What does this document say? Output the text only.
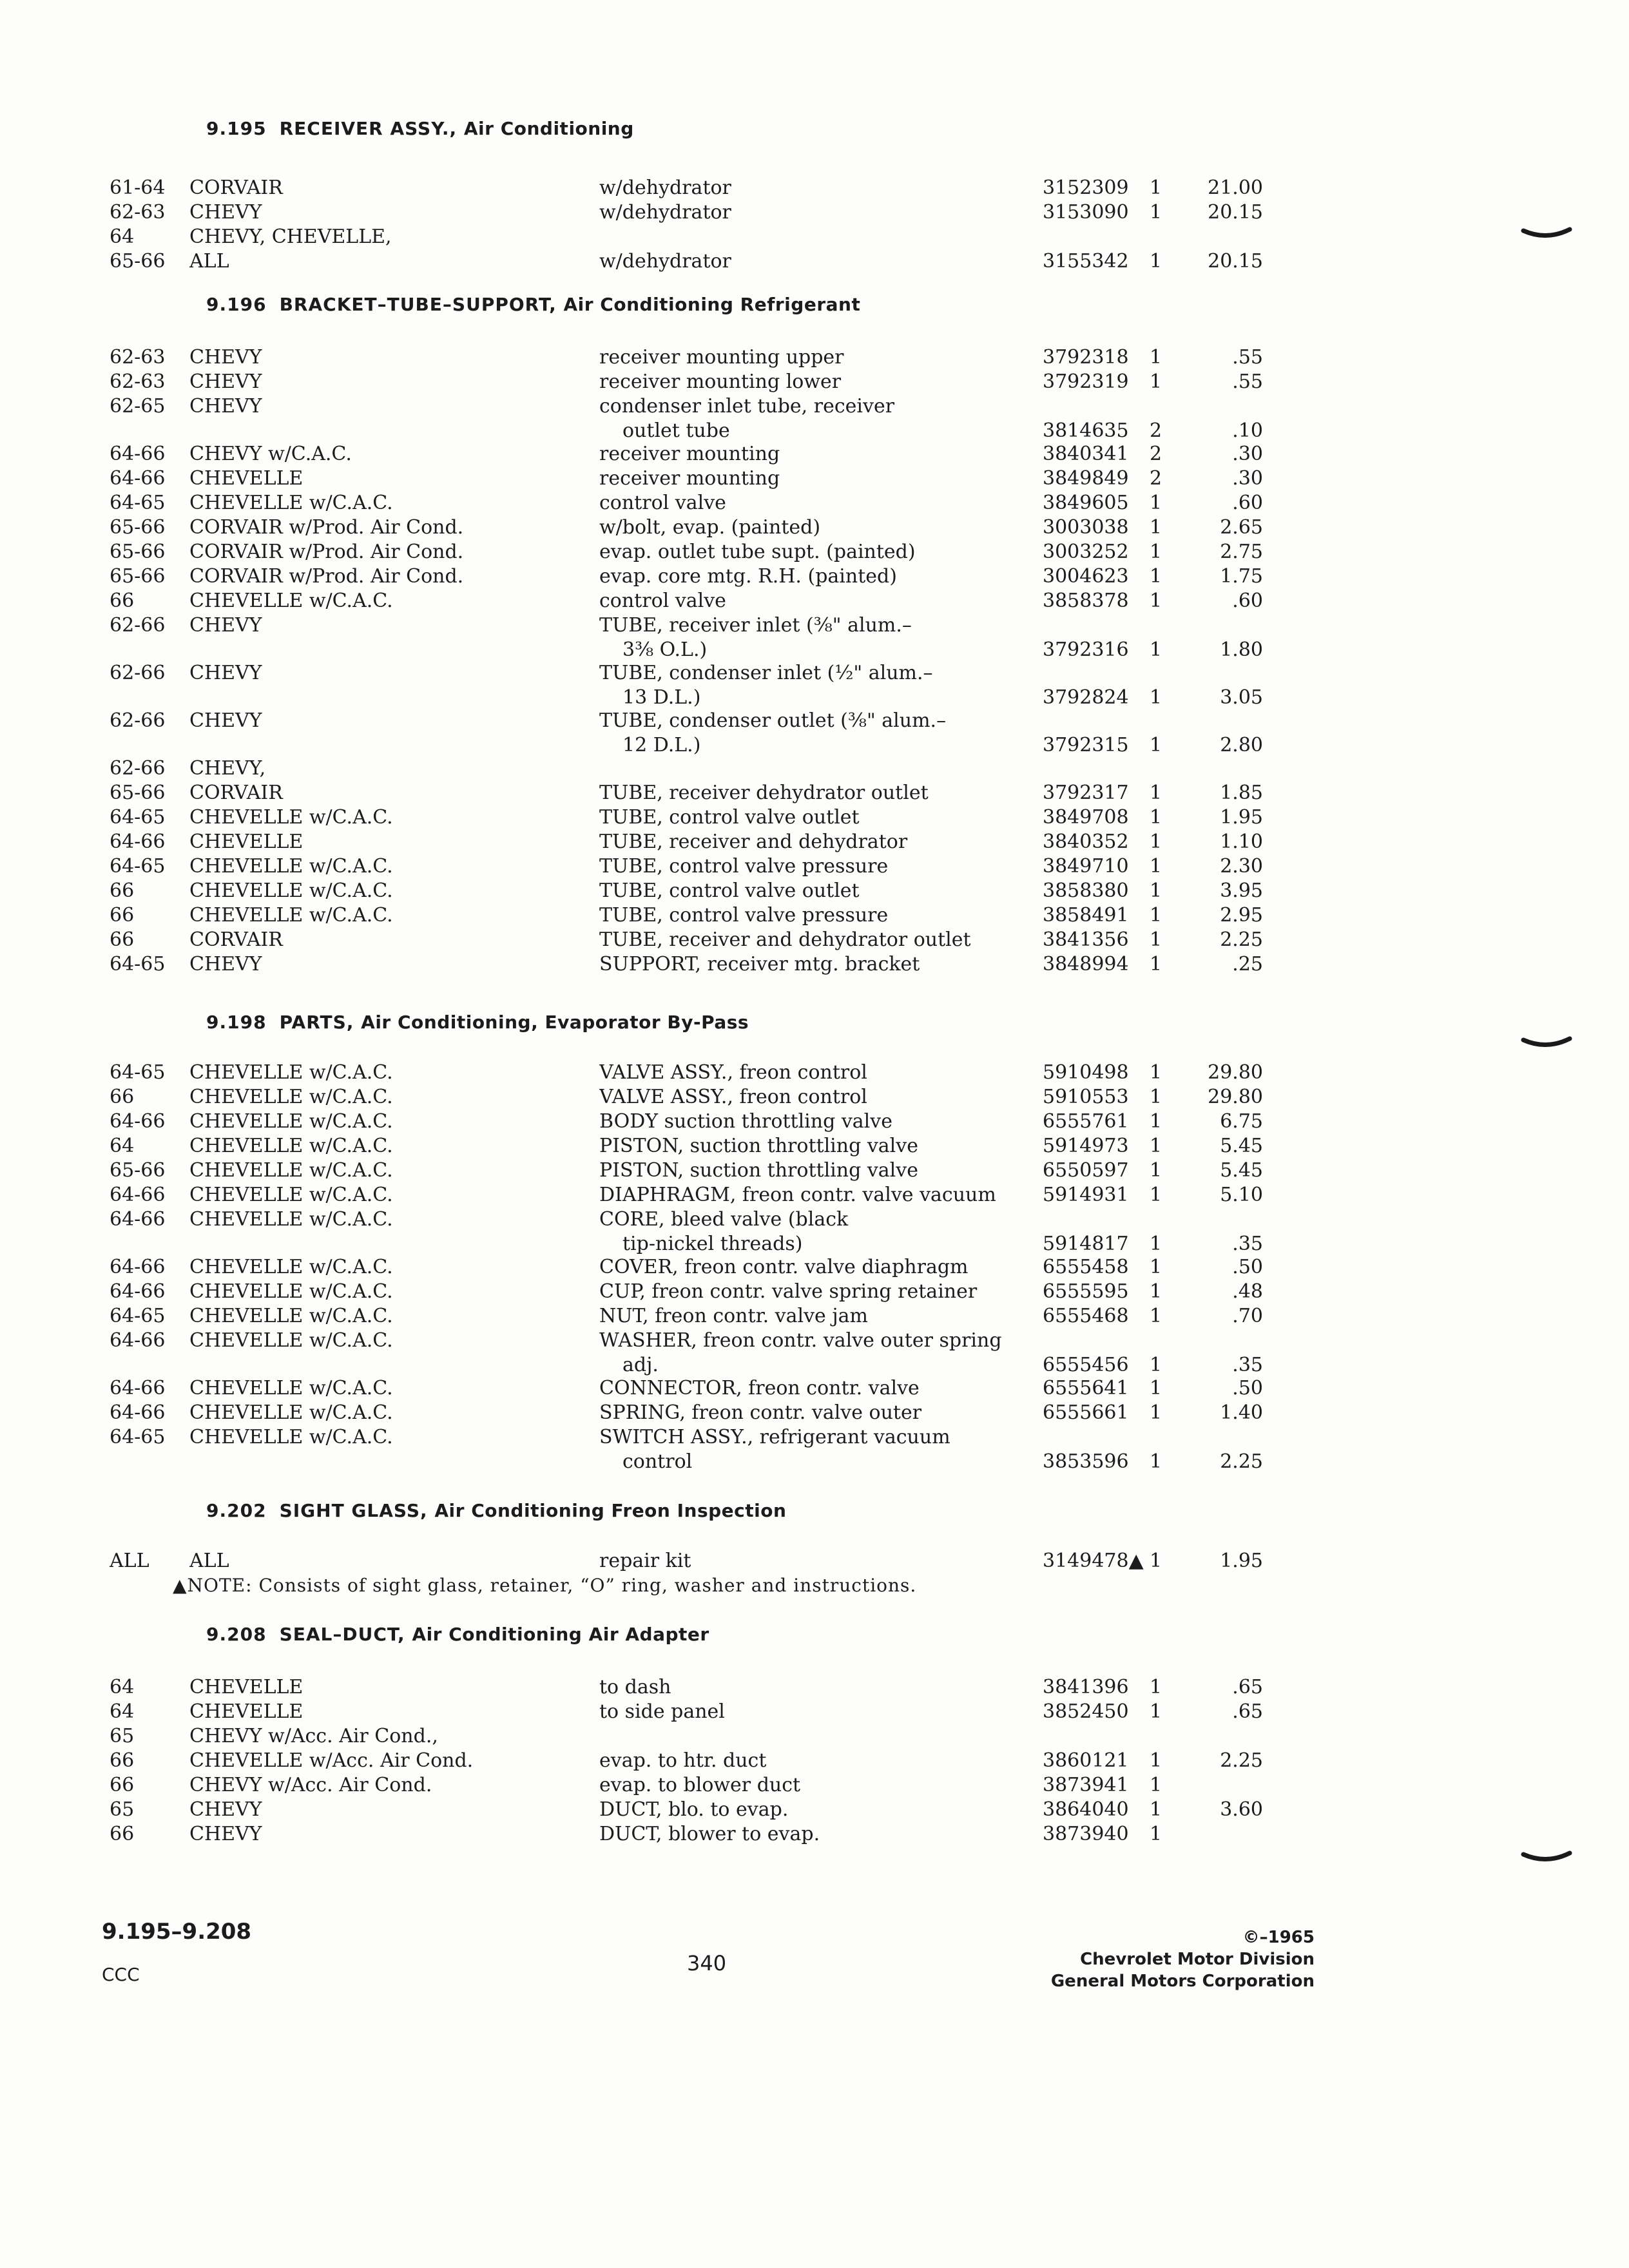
9.195 RECEIVER ASSY., Air Conditioning
61-64 CORVAIR	w/dehydrator	3152309 1	21.00
62-63 CHEVY	w/dehydrator	3153090 1	20.15
64	CHEVY, CHEVELLE,
65-66 ALL	w/dehydrator	3155342 1	20.15
9.196 BRACKET–TUBE–SUPPORT, Air Conditioning Refrigerant
62-63 CHEVY	receiver mounting upper	3792318 1	.55
62-63 CHEVY	receiver mounting lower	3792319 1	.55
62-65 CHEVY	condenser inlet tube, receiver
outlet tube	3814635 2	.10
64-66 CHEVY w/C.A.C.	receiver mounting	3840341 2	.30
64-66 CHEVELLE	receiver mounting	3849849 2	.30
64-65 CHEVELLE w/C.A.C.	control valve	3849605 1	.60
65-66 CORVAIR w/Prod. Air Cond.	w/bolt, evap. (painted)	3003038 1	2.65
65-66 CORVAIR w/Prod. Air Cond.	evap. outlet tube supt. (painted)	3003252 1	2.75
65-66 CORVAIR w/Prod. Air Cond.	evap. core mtg. R.H. (painted)	3004623 1	1.75
66	CHEVELLE w/C.A.C.	control valve	3858378 1	.60
62-66 CHEVY	TUBE, receiver inlet (³⁄₈" alum.–
3³⁄₈ O.L.)	3792316 1	1.80
62-66 CHEVY	TUBE, condenser inlet (¹⁄₂" alum.–
13 D.L.)	3792824 1	3.05
62-66 CHEVY	TUBE, condenser outlet (³⁄₈" alum.–
12 D.L.)	3792315 1	2.80
62-66 CHEVY,
65-66 CORVAIR	TUBE, receiver dehydrator outlet	3792317 1	1.85
64-65 CHEVELLE w/C.A.C.	TUBE, control valve outlet	3849708 1	1.95
64-66 CHEVELLE	TUBE, receiver and dehydrator	3840352 1	1.10
64-65 CHEVELLE w/C.A.C.	TUBE, control valve pressure	3849710 1	2.30
66	CHEVELLE w/C.A.C.	TUBE, control valve outlet	3858380 1	3.95
66	CHEVELLE w/C.A.C.	TUBE, control valve pressure	3858491 1	2.95
66	CORVAIR	TUBE, receiver and dehydrator outlet	3841356 1	2.25
64-65 CHEVY	SUPPORT, receiver mtg. bracket	3848994 1	.25
9.198 PARTS, Air Conditioning, Evaporator By-Pass
64-65 CHEVELLE w/C.A.C.	VALVE ASSY., freon control	5910498 1	29.80
66	CHEVELLE w/C.A.C.	VALVE ASSY., freon control	5910553 1	29.80
64-66 CHEVELLE w/C.A.C.	BODY suction throttling valve	6555761 1	6.75
64	CHEVELLE w/C.A.C.	PISTON, suction throttling valve	5914973 1	5.45
65-66 CHEVELLE w/C.A.C.	PISTON, suction throttling valve	6550597 1	5.45
64-66 CHEVELLE w/C.A.C.	DIAPHRAGM, freon contr. valve vacuum	5914931 1	5.10
64-66 CHEVELLE w/C.A.C.	CORE, bleed valve (black
tip-nickel threads)	5914817 1	.35
64-66 CHEVELLE w/C.A.C.	COVER, freon contr. valve diaphragm	6555458 1	.50
64-66 CHEVELLE w/C.A.C.	CUP, freon contr. valve spring retainer	6555595 1	.48
64-65 CHEVELLE w/C.A.C.	NUT, freon contr. valve jam	6555468 1	.70
64-66 CHEVELLE w/C.A.C.	WASHER, freon contr. valve outer spring
adj.	6555456 1	.35
64-66 CHEVELLE w/C.A.C.	CONNECTOR, freon contr. valve	6555641 1	.50
64-66 CHEVELLE w/C.A.C.	SPRING, freon contr. valve outer	6555661 1	1.40
64-65 CHEVELLE w/C.A.C.	SWITCH ASSY., refrigerant vacuum
control	3853596 1	2.25
9.202 SIGHT GLASS, Air Conditioning Freon Inspection
ALL ALL	repair kit	3149478▲ 1	1.95
▲NOTE: Consists of sight glass, retainer, “O” ring, washer and instructions.
9.208 SEAL–DUCT, Air Conditioning Air Adapter
64	CHEVELLE	to dash	3841396 1	.65
64	CHEVELLE	to side panel	3852450 1	.65
65	CHEVY w/Acc. Air Cond.,
66	CHEVELLE w/Acc. Air Cond.	evap. to htr. duct	3860121 1	2.25
66	CHEVY w/Acc. Air Cond.	evap. to blower duct	3873941 1
65	CHEVY	DUCT, blo. to evap.	3864040 1	3.60
66	CHEVY	DUCT, blower to evap.	3873940 1
9.195–9.208
CCC	340
©–1965
Chevrolet Motor Division
General Motors Corporation
